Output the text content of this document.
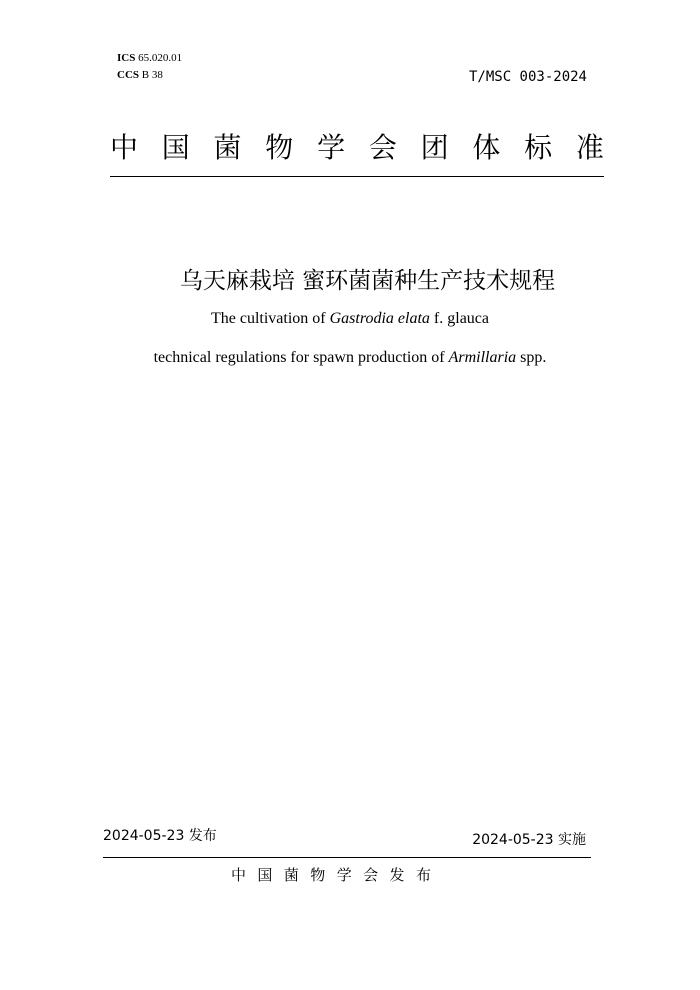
ICS 65.020.01
CCS B 38	T/MSC 003-2024
中 国 菌 物 学 会 团 体 标 准
乌天麻栽培 蜜环菌菌种生产技术规程
The cultivation of Gastrodia elata f. glauca
technical regulations for spawn production of Armillaria spp.
2024-05-23 发布	2024-05-23 实施
中 国 菌 物 学 会 发 布
